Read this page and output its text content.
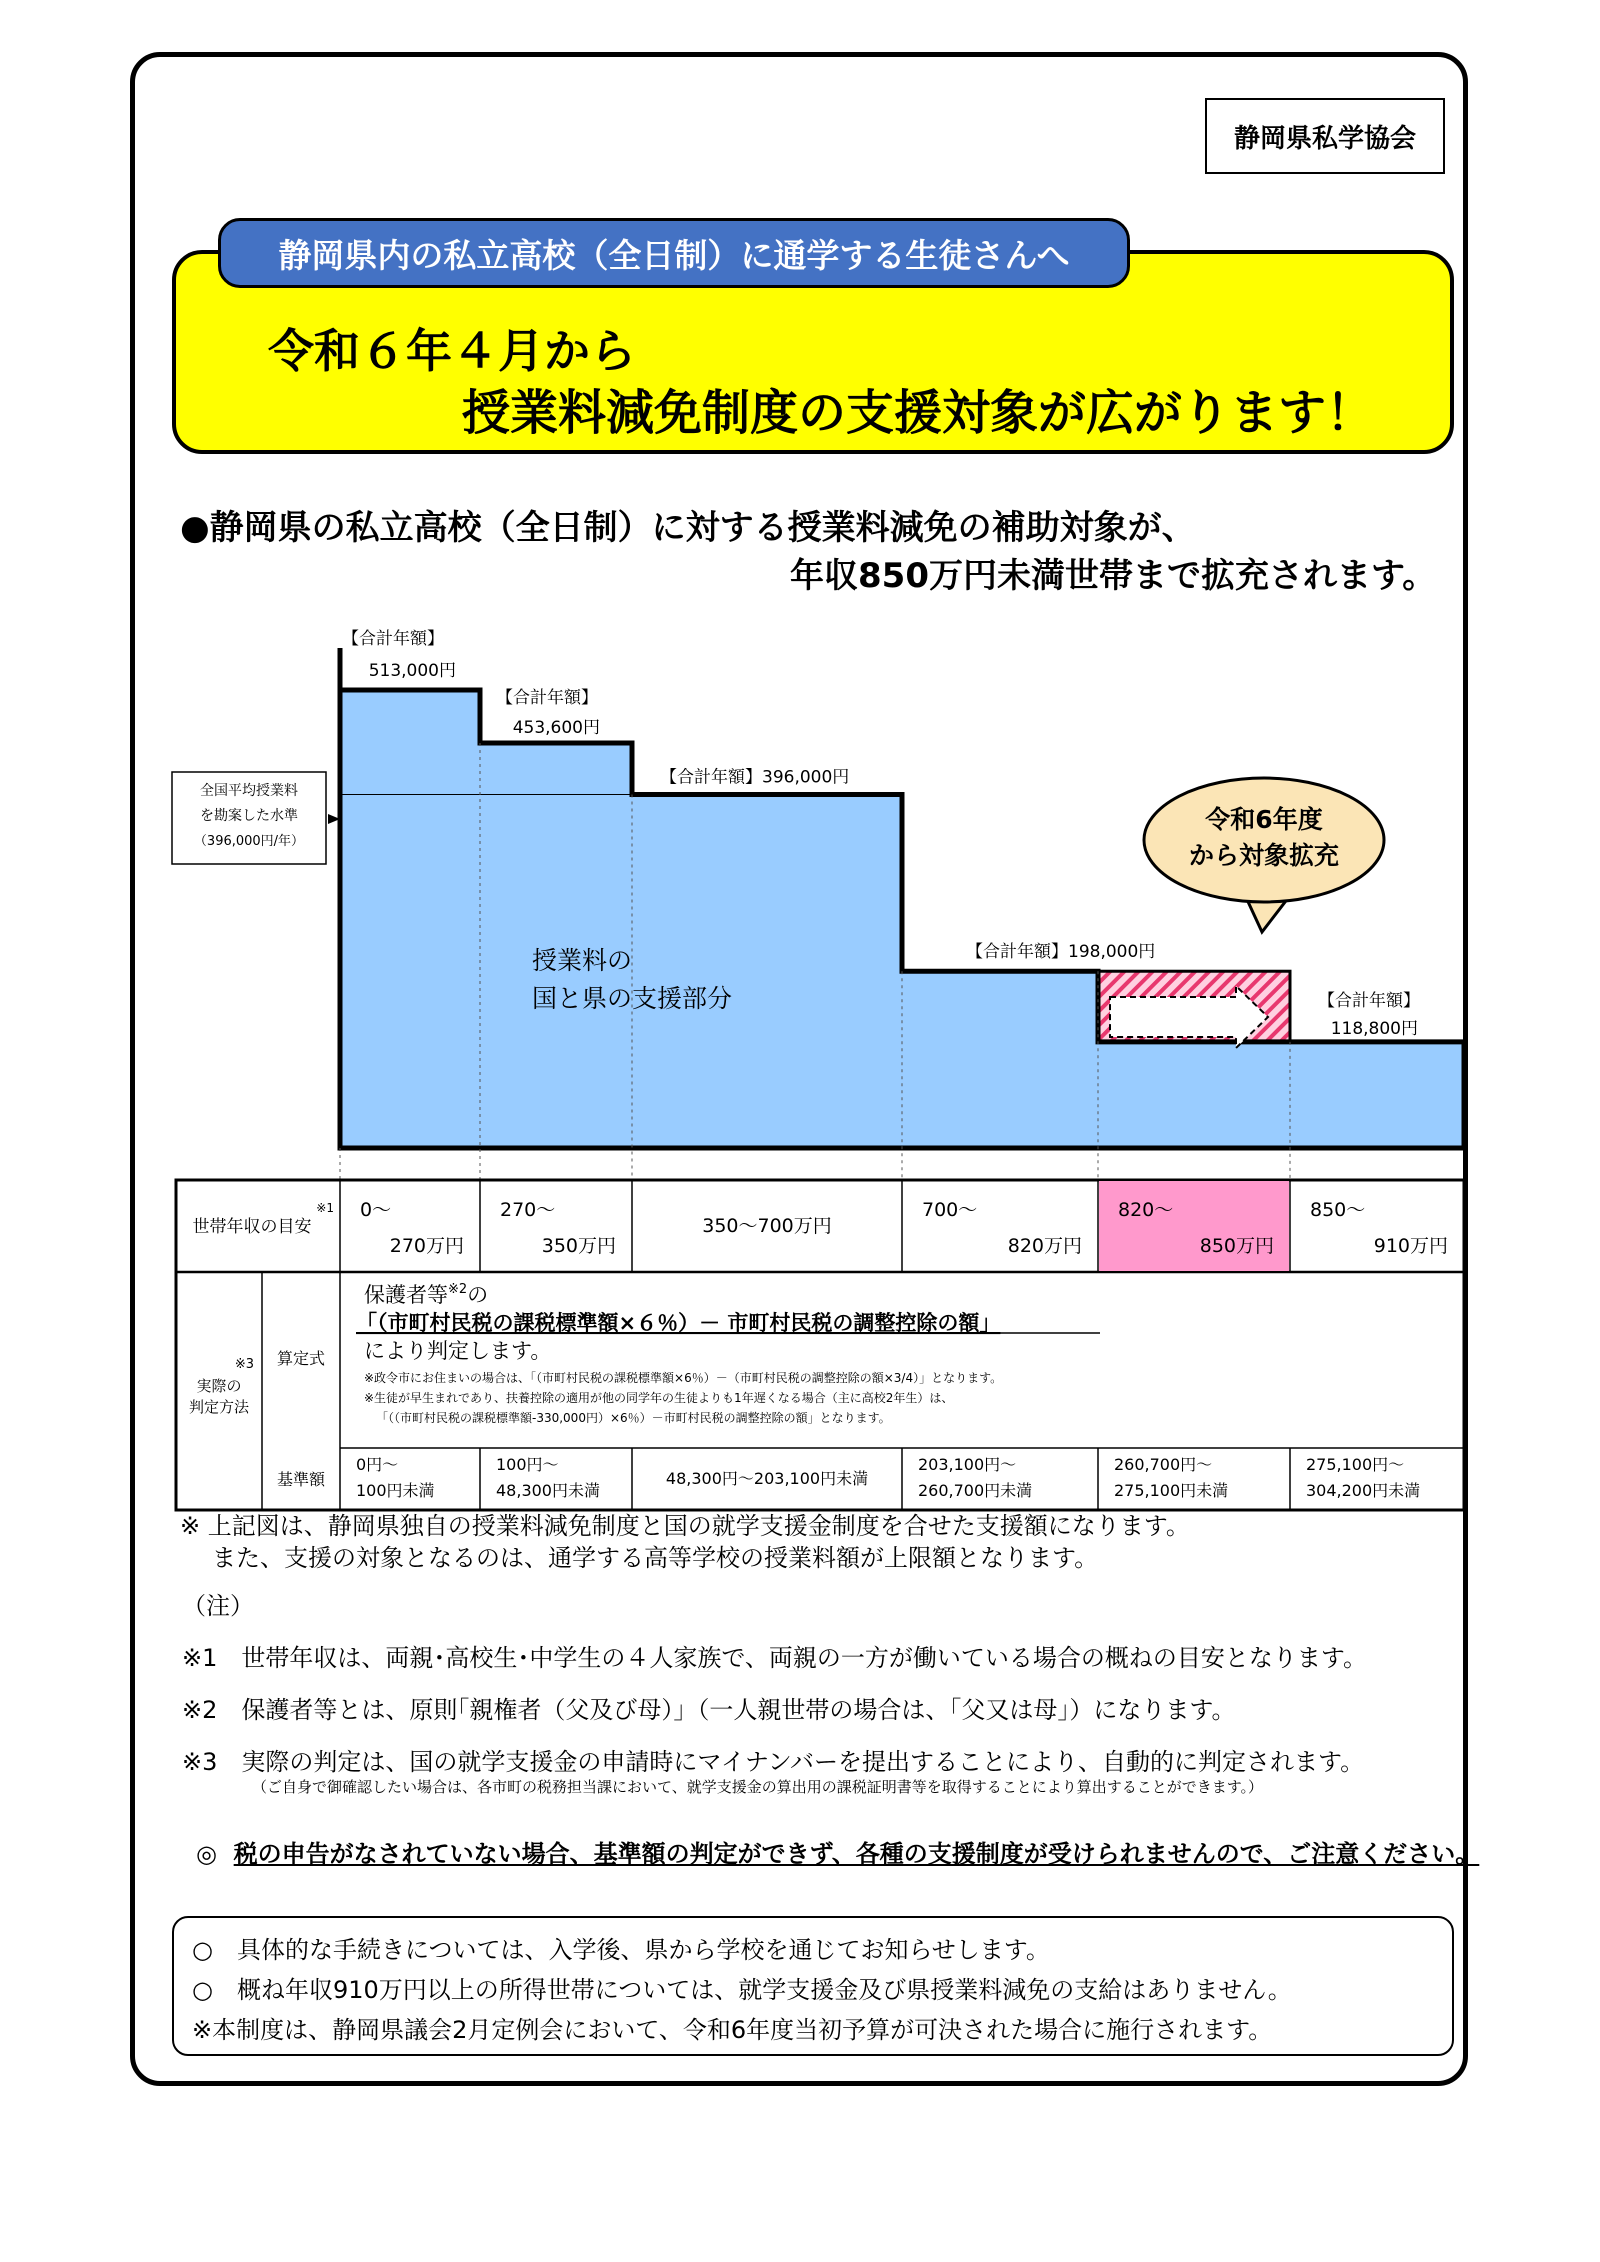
静岡県私学協会
静岡県内の私立高校（全日制）に通学する生徒さんへ
令和６年４月から
授業料減免制度の支援対象が広がります！
●静岡県の私立高校（全日制）に対する授業料減免の補助対象が、
年収850万円未満世帯まで拡充されます。
【合計年額】
513,000円
【合計年額】
453,600円
【合計年額】396,000円
【合計年額】198,000円
【合計年額】
118,800円
全国平均授業料
を勘案した水準
（396,000円/年）
授業料の
国と県の支援部分
令和6年度
から対象拡充
世帯年収の目安
※1
※3
実際の
判定方法
算定式
基準額
0～
270万円
270～
350万円
350～700万円
700～
820万円
820～
850万円
850～
910万円
0円～
100円未満
100円～
48,300円未満
48,300円～203,100円未満
203,100円～
260,700円未満
260,700円～
275,100円未満
275,100円～
304,200円未満
保護者等$^{※2}$の
「（市町村民税の課税標準額×６％）－ 市町村民税の調整控除の額」
により判定します。
※政令市にお住まいの場合は、「（市町村民税の課税標準額×6％）－（市町村民税の調整控除の額×3/4）」となります。
※生徒が早生まれであり、扶養控除の適用が他の同学年の生徒よりも1年遅くなる場合（主に高校2年生）は、
「（（市町村民税の課税標準額-330,000円）×6％）－市町村民税の調整控除の額」となります。
※ 上記図は、静岡県独自の授業料減免制度と国の就学支援金制度を合せた支援額になります。
また、支援の対象となるのは、通学する高等学校の授業料額が上限額となります。
（注）
※1　世帯年収は、両親･高校生･中学生の４人家族で、両親の一方が働いている場合の概ねの目安となります。
※2　保護者等とは、原則｢親権者（父及び母）｣（一人親世帯の場合は、｢父又は母｣）になります。
※3　実際の判定は、国の就学支援金の申請時にマイナンバーを提出することにより、自動的に判定されます。
（ご自身で御確認したい場合は、各市町の税務担当課において、就学支援金の算出用の課税証明書等を取得することにより算出することができます。）
◎ 税の申告がなされていない場合、基準額の判定ができず、各種の支援制度が受けられませんので、ご注意ください。
○　具体的な手続きについては、入学後、県から学校を通じてお知らせします。
○　概ね年収910万円以上の所得世帯については、就学支援金及び県授業料減免の支給はありません。
※本制度は、静岡県議会2月定例会において、令和6年度当初予算が可決された場合に施行されます。
